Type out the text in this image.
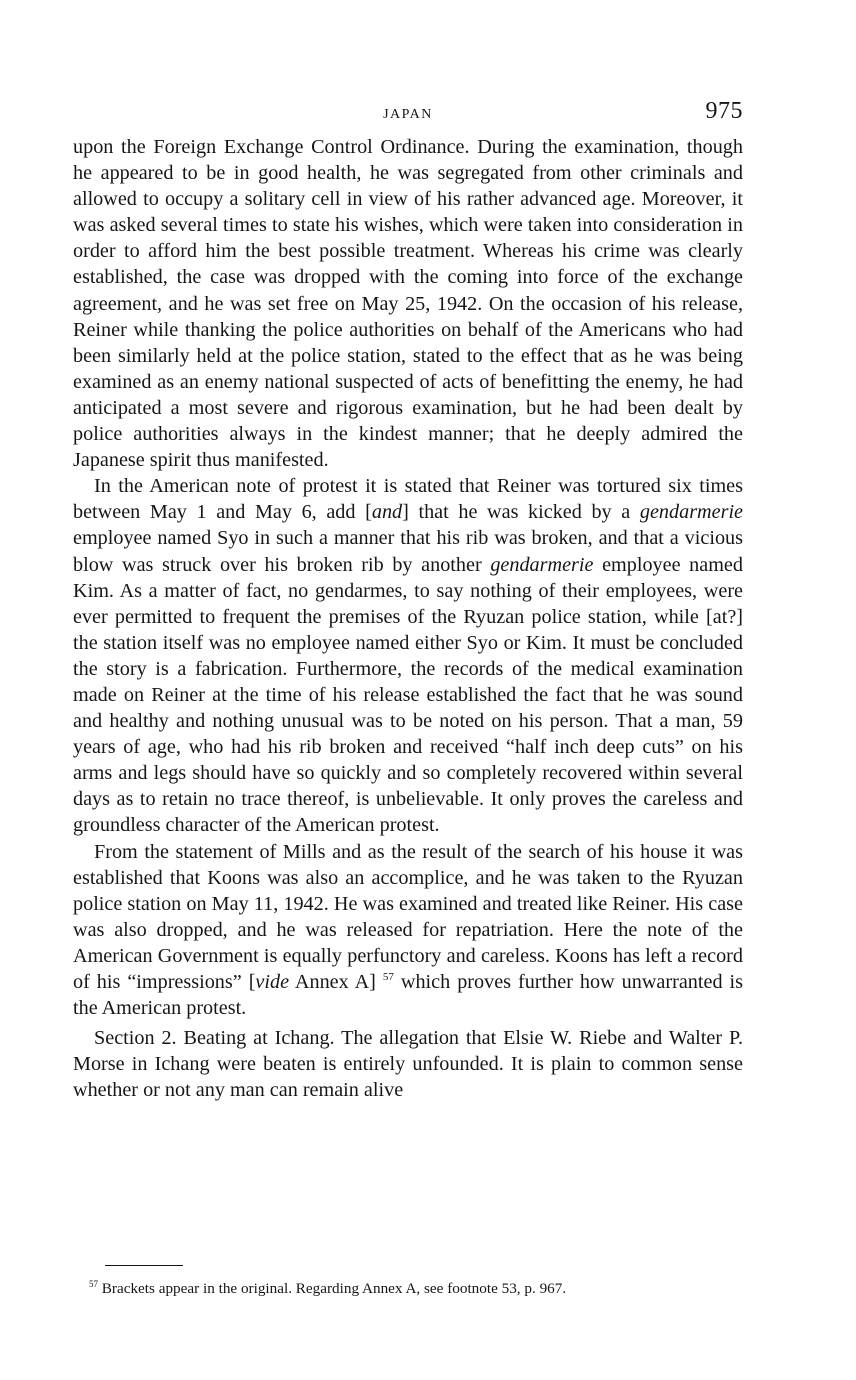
JAPAN	975

upon the Foreign Exchange Control Ordinance. During the examination, though he appeared to be in good health, he was segregated from other criminals and allowed to occupy a solitary cell in view of his rather advanced age. Moreover, it was asked several times to state his wishes, which were taken into consideration in order to afford him the best possible treatment. Whereas his crime was clearly established, the case was dropped with the coming into force of the exchange agreement, and he was set free on May 25, 1942. On the occasion of his release, Reiner while thanking the police authorities on behalf of the Americans who had been similarly held at the police station, stated to the effect that as he was being examined as an enemy national suspected of acts of benefitting the enemy, he had anticipated a most severe and rigorous examination, but he had been dealt by police authorities always in the kindest manner; that he deeply admired the Japanese spirit thus manifested.

In the American note of protest it is stated that Reiner was tortured six times between May 1 and May 6, add [and] that he was kicked by a gendarmerie employee named Syo in such a manner that his rib was broken, and that a vicious blow was struck over his broken rib by another gendarmerie employee named Kim. As a matter of fact, no gendarmes, to say nothing of their employees, were ever permitted to frequent the premises of the Ryuzan police station, while [at?] the station itself was no employee named either Syo or Kim. It must be concluded the story is a fabrication. Furthermore, the records of the medical examination made on Reiner at the time of his release established the fact that he was sound and healthy and nothing unusual was to be noted on his person. That a man, 59 years of age, who had his rib broken and received “half inch deep cuts” on his arms and legs should have so quickly and so completely recovered within several days as to retain no trace thereof, is unbelievable. It only proves the careless and groundless character of the American protest.

From the statement of Mills and as the result of the search of his house it was established that Koons was also an accomplice, and he was taken to the Ryuzan police station on May 11, 1942. He was examined and treated like Reiner. His case was also dropped, and he was released for repatriation. Here the note of the American Government is equally perfunctory and careless. Koons has left a record of his “impressions” [vide Annex A] $^{57}$ which proves further how unwarranted is the American protest.

Section 2. Beating at Ichang. The allegation that Elsie W. Riebe and Walter P. Morse in Ichang were beaten is entirely unfounded. It is plain to common sense whether or not any man can remain alive

$^{57}$ Brackets appear in the original. Regarding Annex A, see footnote 53, p. 967.
